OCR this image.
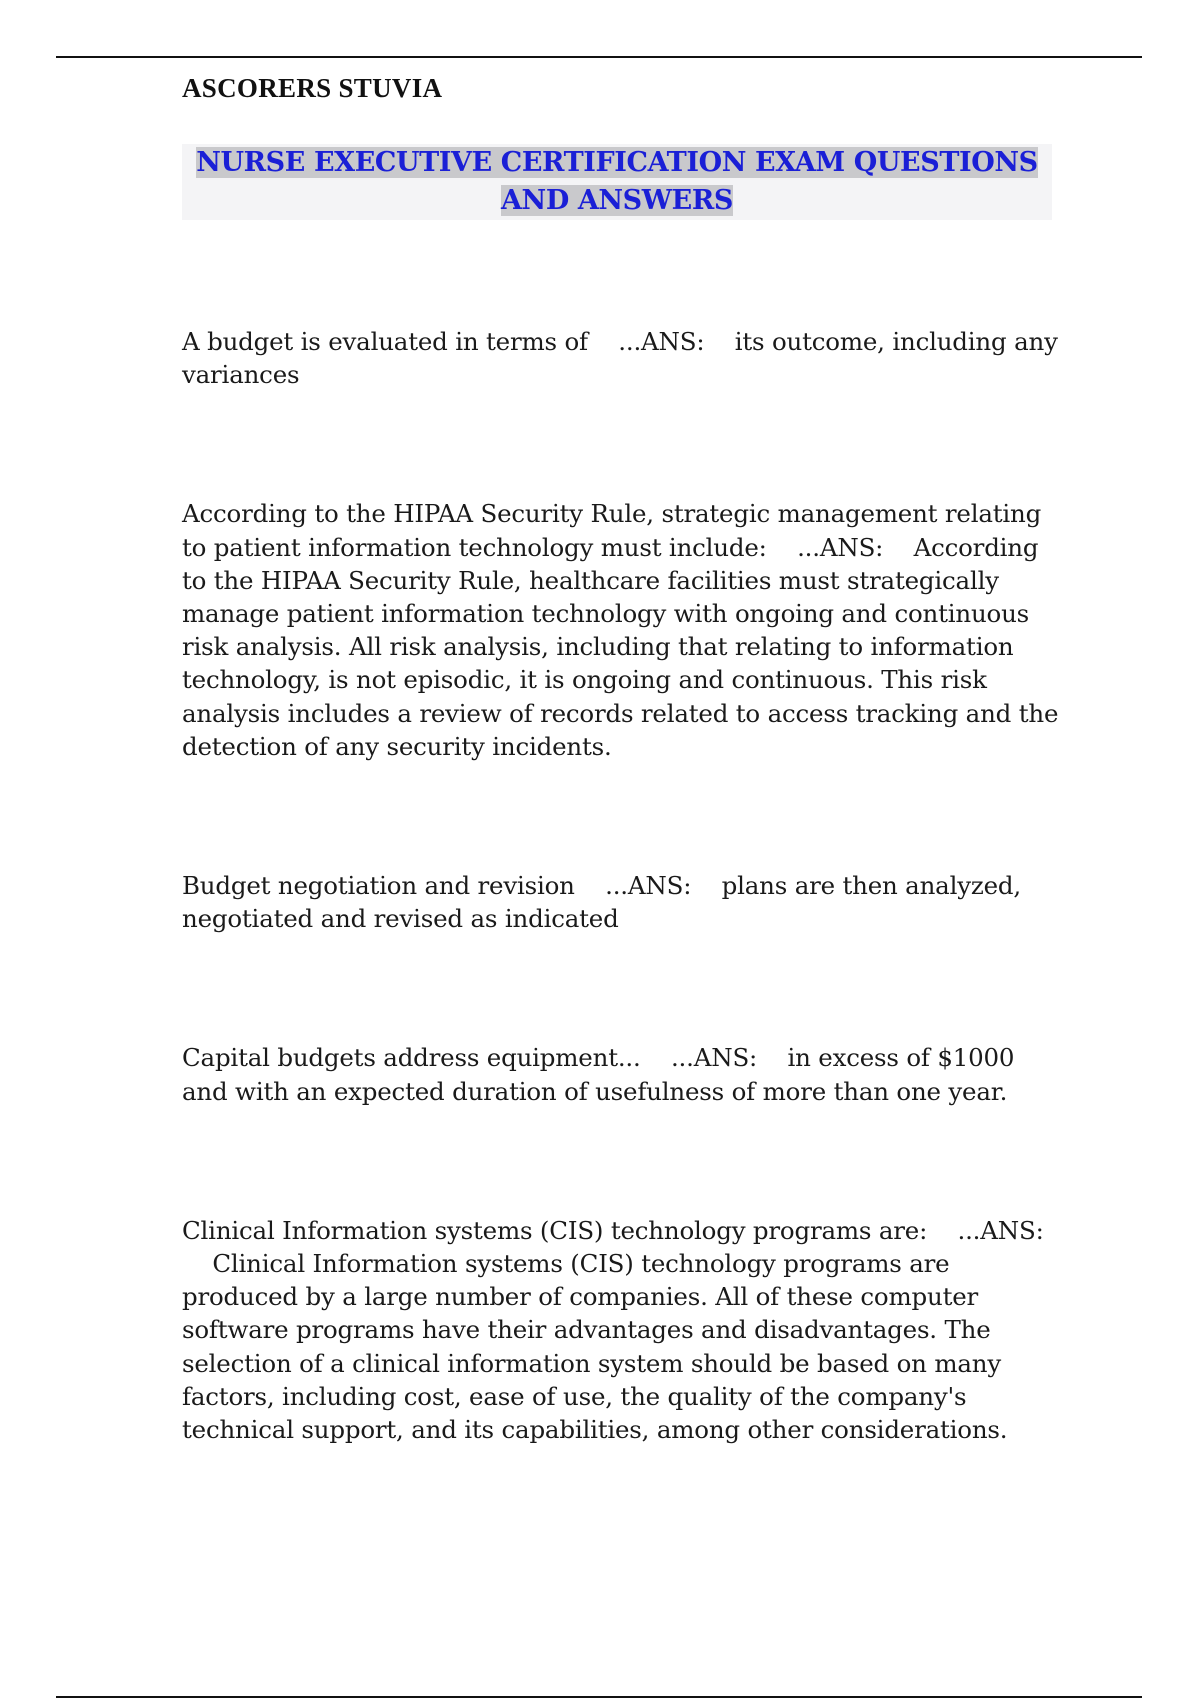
ASCORERS STUVIA
NURSE EXECUTIVE CERTIFICATION EXAM QUESTIONS AND ANSWERS

A budget is evaluated in terms of ...ANS: its outcome, including any variances

According to the HIPAA Security Rule, strategic management relating to patient information technology must include: ...ANS: According to the HIPAA Security Rule, healthcare facilities must strategically manage patient information technology with ongoing and continuous risk analysis. All risk analysis, including that relating to information technology, is not episodic, it is ongoing and continuous. This risk analysis includes a review of records related to access tracking and the detection of any security incidents.

Budget negotiation and revision ...ANS: plans are then analyzed, negotiated and revised as indicated

Capital budgets address equipment... ...ANS: in excess of $1000 and with an expected duration of usefulness of more than one year.

Clinical Information systems (CIS) technology programs are: ...ANS:    Clinical Information systems (CIS) technology programs are produced by a large number of companies. All of these computer software programs have their advantages and disadvantages. The selection of a clinical information system should be based on many factors, including cost, ease of use, the quality of the company's technical support, and its capabilities, among other considerations.
